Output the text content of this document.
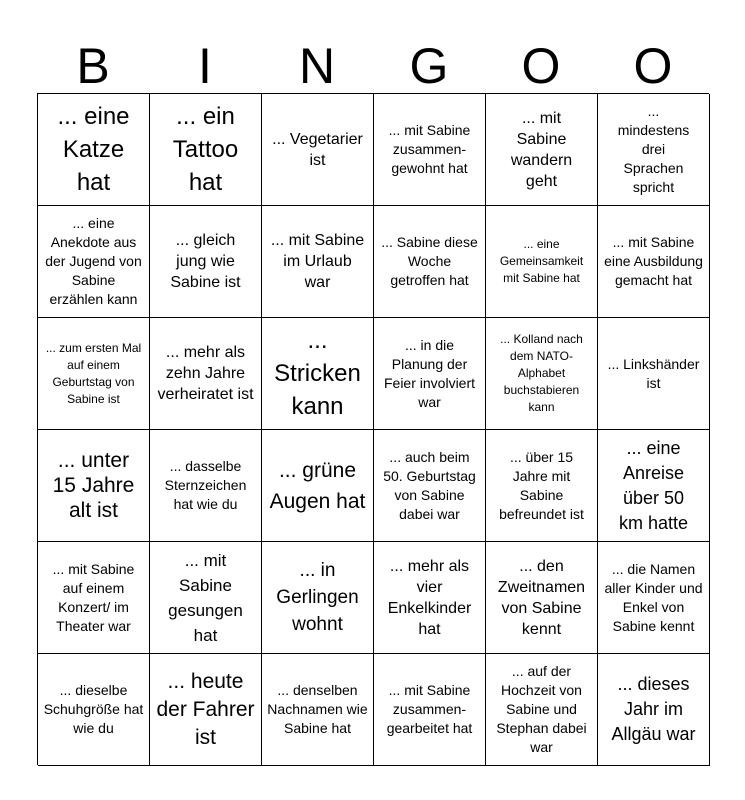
B	I	N	G	O	O
... eine Katze hat
... ein Tattoo hat
... Vegetarier ist
... mit Sabine zusammen-gewohnt hat
... mit Sabine wandern geht
... mindestens drei Sprachen spricht
... eine Anekdote aus der Jugend von Sabine erzählen kann
... gleich jung wie Sabine ist
... mit Sabine im Urlaub war
... Sabine diese Woche getroffen hat
... eine Gemeinsamkeit mit Sabine hat
... mit Sabine eine Ausbildung gemacht hat
... zum ersten Mal auf einem Geburtstag von Sabine ist
... mehr als zehn Jahre verheiratet ist
... Stricken kann
... in die Planung der Feier involviert war
... Kolland nach dem NATO-Alphabet buchstabieren kann
... Linkshänder ist
... unter 15 Jahre alt ist
... dasselbe Sternzeichen hat wie du
... grüne Augen hat
... auch beim 50. Geburtstag von Sabine dabei war
... über 15 Jahre mit Sabine befreundet ist
... eine Anreise über 50 km hatte
... mit Sabine auf einem Konzert/ im Theater war
... mit Sabine gesungen hat
... in Gerlingen wohnt
... mehr als vier Enkelkinder hat
... den Zweitnamen von Sabine kennt
... die Namen aller Kinder und Enkel von Sabine kennt
... dieselbe Schuhgröße hat wie du
... heute der Fahrer ist
... denselben Nachnamen wie Sabine hat
... mit Sabine zusammen-gearbeitet hat
... auf der Hochzeit von Sabine und Stephan dabei war
... dieses Jahr im Allgäu war
